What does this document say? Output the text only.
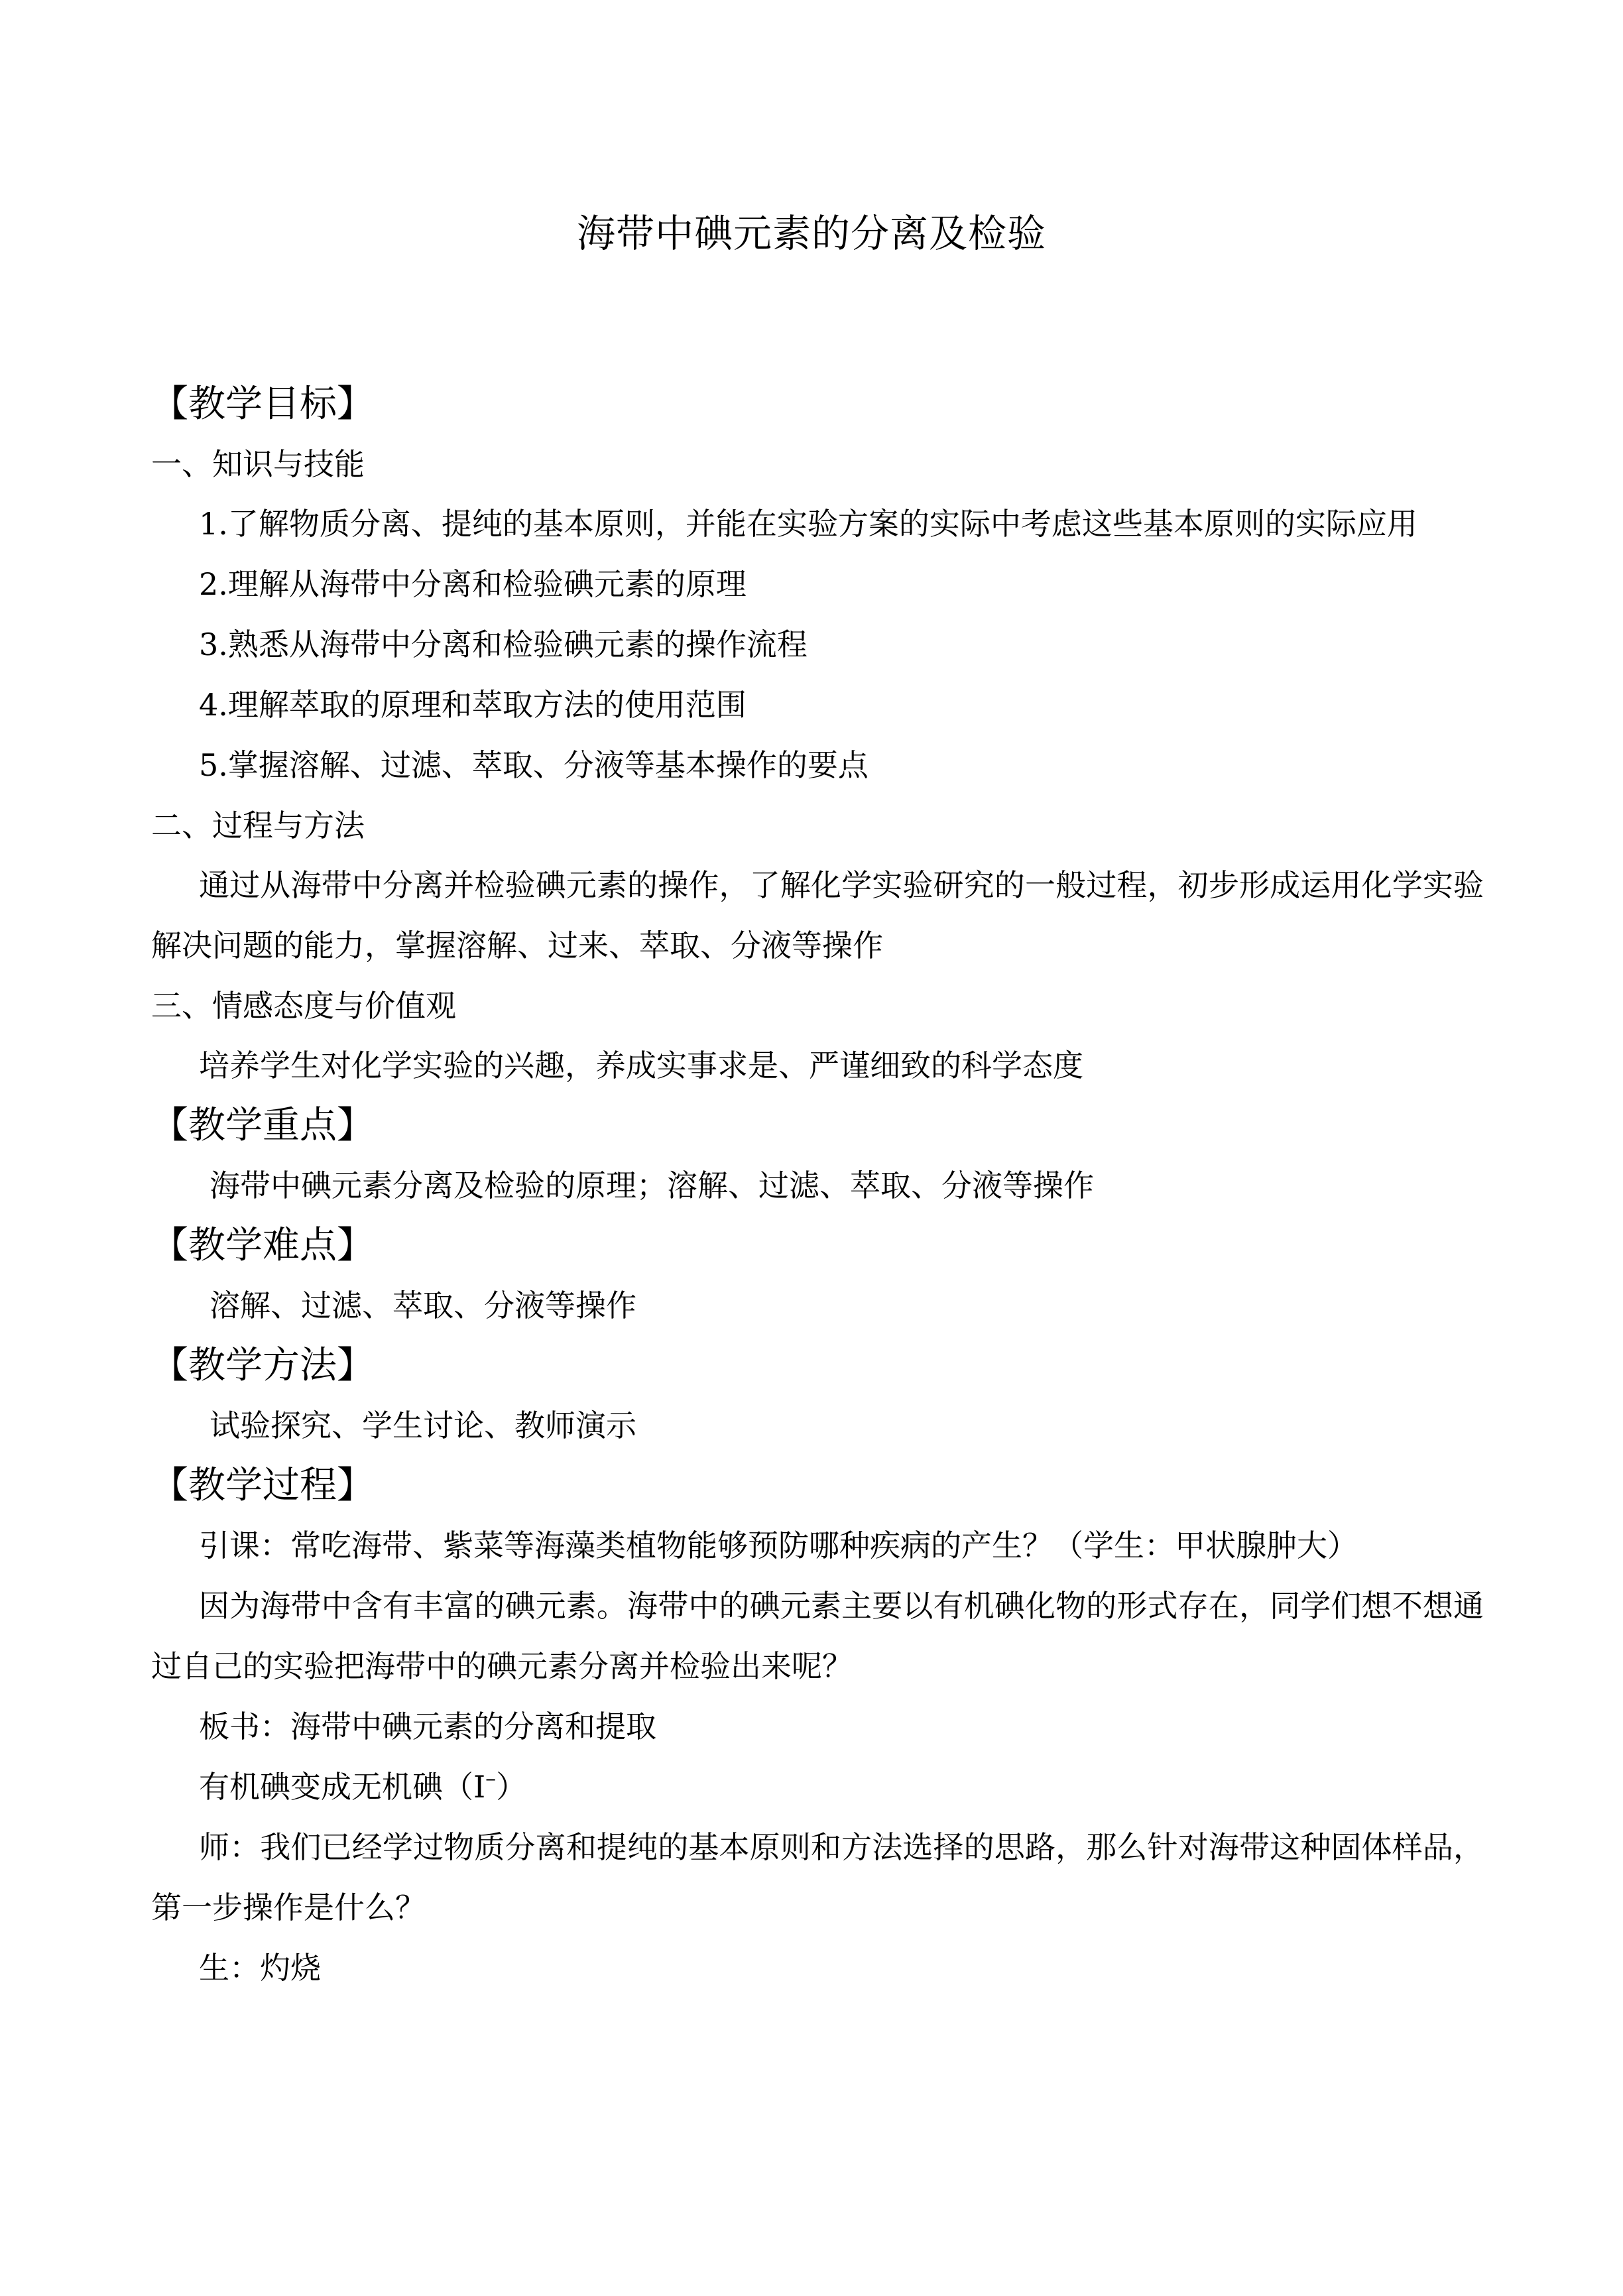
海带中碘元素的分离及检验
【教学目标】
一、知识与技能
1.了解物质分离、提纯的基本原则，并能在实验方案的实际中考虑这些基本原则的实际应用
2.理解从海带中分离和检验碘元素的原理
3.熟悉从海带中分离和检验碘元素的操作流程
4.理解萃取的原理和萃取方法的使用范围
5.掌握溶解、过滤、萃取、分液等基本操作的要点
二、过程与方法
通过从海带中分离并检验碘元素的操作，了解化学实验研究的一般过程，初步形成运用化学实验解决问题的能力，掌握溶解、过来、萃取、分液等操作
三、情感态度与价值观
培养学生对化学实验的兴趣，养成实事求是、严谨细致的科学态度
【教学重点】
海带中碘元素分离及检验的原理；溶解、过滤、萃取、分液等操作
【教学难点】
溶解、过滤、萃取、分液等操作
【教学方法】
试验探究、学生讨论、教师演示
【教学过程】
引课：常吃海带、紫菜等海藻类植物能够预防哪种疾病的产生？（学生：甲状腺肿大）
因为海带中含有丰富的碘元素。海带中的碘元素主要以有机碘化物的形式存在，同学们想不想通过自己的实验把海带中的碘元素分离并检验出来呢？
板书：海带中碘元素的分离和提取
有机碘变成无机碘（I–）
师：我们已经学过物质分离和提纯的基本原则和方法选择的思路，那么针对海带这种固体样品，第一步操作是什么？
生：灼烧
